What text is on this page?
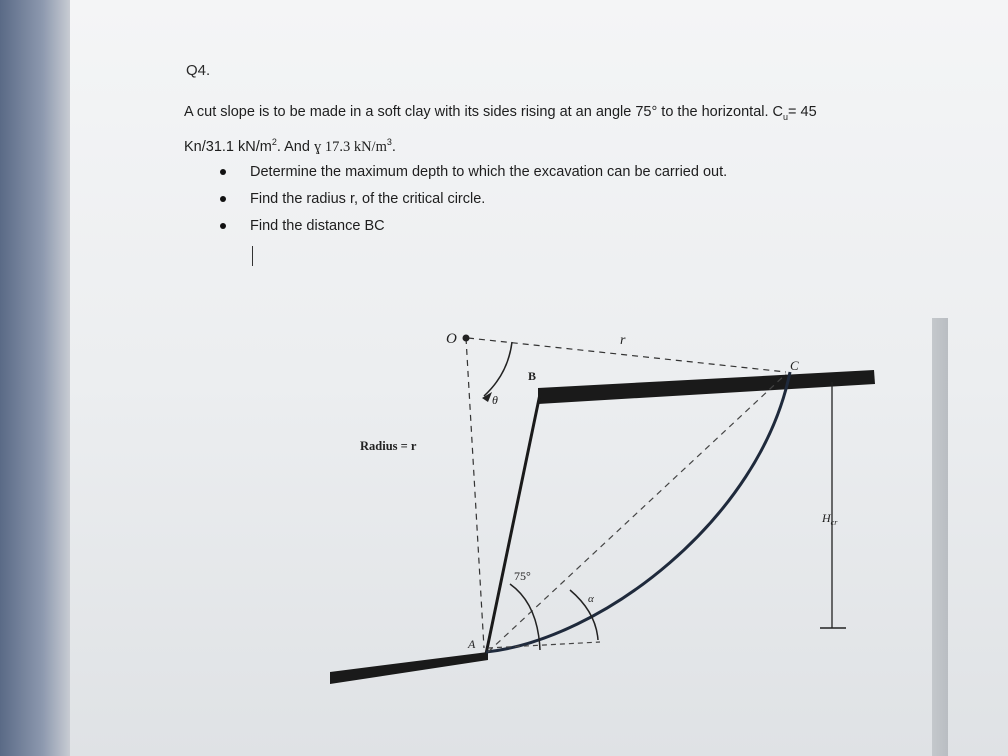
Q4.
A cut slope is to be made in a soft clay with its sides rising at an angle 75° to the horizontal. $C_u= 45$
Kn/31.1 $kN/m^2$. And ɣ 17.3 $kN/m^3$.
Determine the maximum depth to which the excavation can be carried out.
Find the radius r, of the critical circle.
Find the distance BC
O	r
B
C
θ
Radius = r
$H_{cr}$
75°
α
A
